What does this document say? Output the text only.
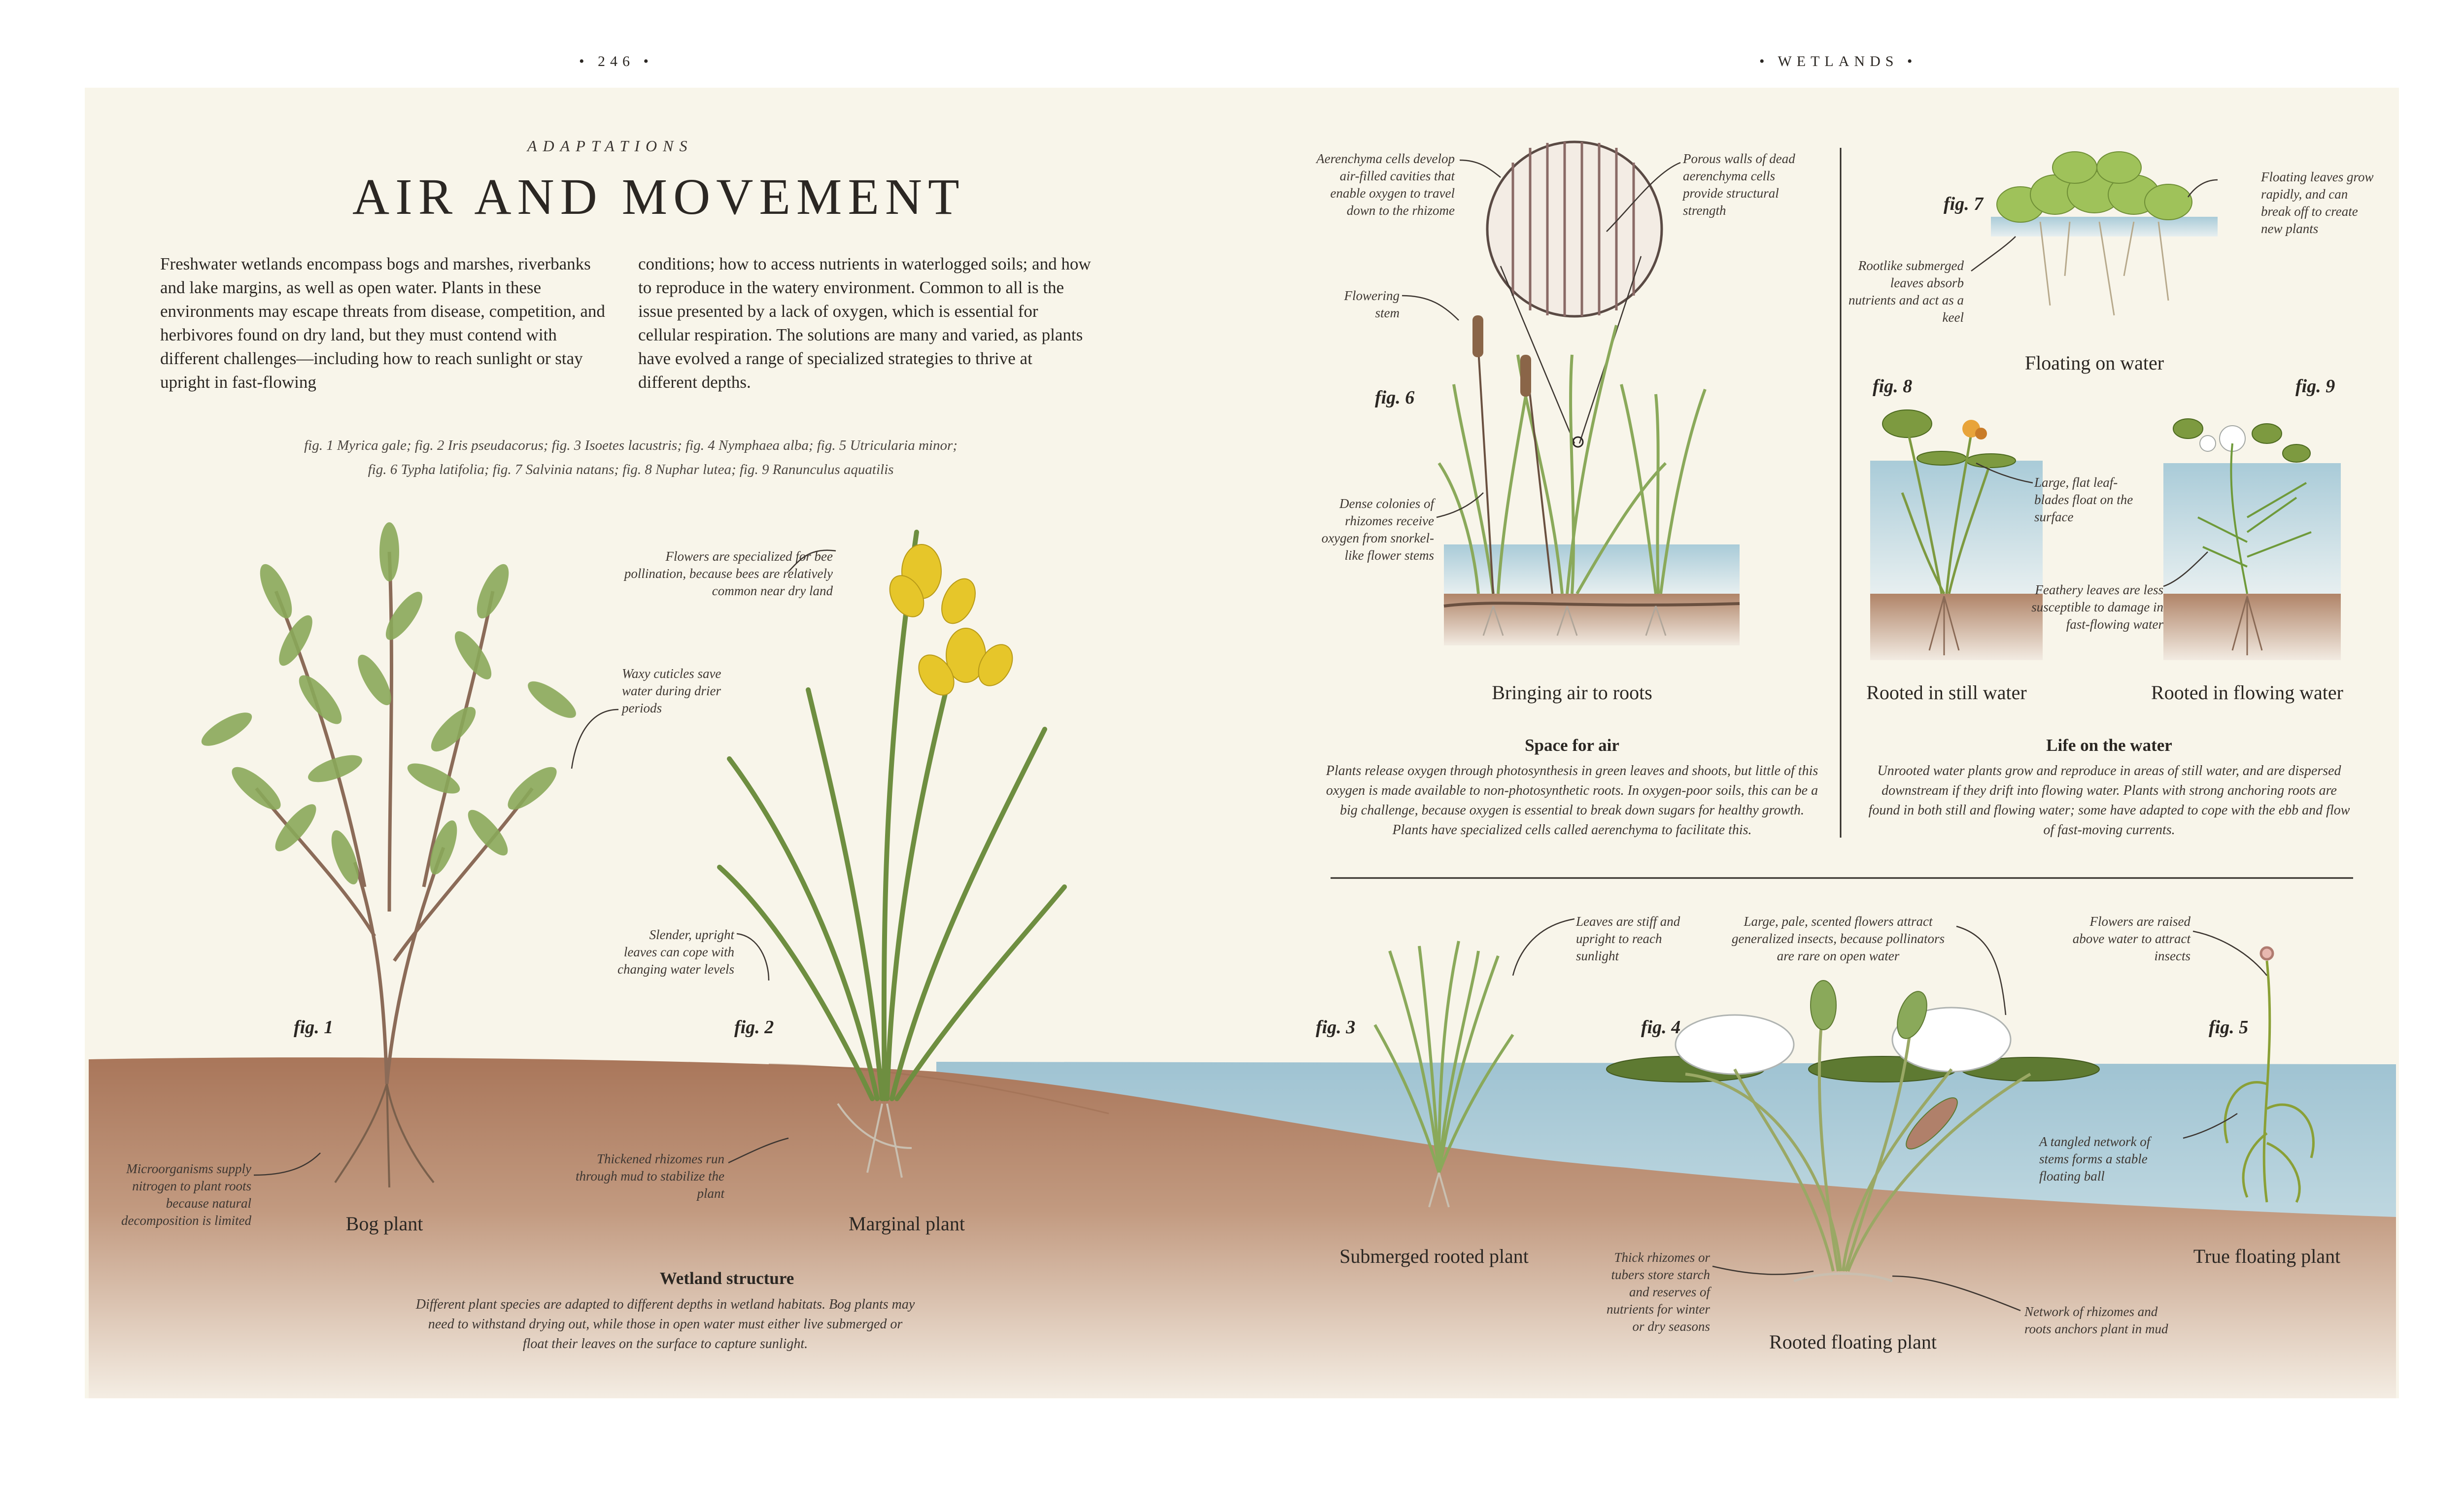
• 246 •	• WETLANDS •
ADAPTATIONS
AIR AND MOVEMENT
Freshwater wetlands encompass bogs and marshes, riverbanks and lake margins, as well as open water. Plants in these environments may escape threats from disease, competition, and herbivores found on dry land, but they must contend with different challenges—including how to reach sunlight or stay upright in fast-flowing
conditions; how to access nutrients in waterlogged soils; and how to reproduce in the watery environment. Common to all is the issue presented by a lack of oxygen, which is essential for cellular respiration. The solutions are many and varied, as plants have evolved a range of specialized strategies to thrive at different depths.
fig. 1 Myrica gale; fig. 2 Iris pseudacorus; fig. 3 Isoetes lacustris; fig. 4 Nymphaea alba; fig. 5 Utricularia minor;
fig. 6 Typha latifolia; fig. 7 Salvinia natans; fig. 8 Nuphar lutea; fig. 9 Ranunculus aquatilis
fig. 1	fig. 2	fig. 3	fig. 4	fig. 5
Flowers are specialized for bee pollination, because bees are relatively common near dry land
Waxy cuticles save water during drier periods
Slender, upright leaves can cope with changing water levels
Microorganisms supply nitrogen to plant roots because natural decomposition is limited
Thickened rhizomes run through mud to stabilize the plant
Leaves are stiff and upright to reach sunlight
Large, pale, scented flowers attract generalized insects, because pollinators are rare on open water
Flowers are raised above water to attract insects
A tangled network of stems forms a stable floating ball
Thick rhizomes or tubers store starch and reserves of nutrients for winter or dry seasons
Network of rhizomes and roots anchors plant in mud
Bog plant	Marginal plant
Submerged rooted plant
Rooted floating plant
True floating plant
Wetland structure
Different plant species are adapted to different depths in wetland habitats. Bog plants may need to withstand drying out, while those in open water must either live submerged or float their leaves on the surface to capture sunlight.
fig. 6
Aerenchyma cells develop air-filled cavities that enable oxygen to travel down to the rhizome
Porous walls of dead aerenchyma cells provide structural strength
Flowering stem
Dense colonies of rhizomes receive oxygen from snorkel-like flower stems
Bringing air to roots
Space for air
Plants release oxygen through photosynthesis in green leaves and shoots, but little of this oxygen is made available to non-photosynthetic roots. In oxygen-poor soils, this can be a big challenge, because oxygen is essential to break down sugars for healthy growth. Plants have specialized cells called aerenchyma to facilitate this.
fig. 7
fig. 8	fig. 9
Floating leaves grow rapidly, and can break off to create new plants
Rootlike submerged leaves absorb nutrients and act as a keel
Large, flat leaf-blades float on the surface
Feathery leaves are less susceptible to damage in fast-flowing water
Floating on water
Rooted in still water	Rooted in flowing water
Life on the water
Unrooted water plants grow and reproduce in areas of still water, and are dispersed downstream if they drift into flowing water. Plants with strong anchoring roots are found in both still and flowing water; some have adapted to cope with the ebb and flow of fast-moving currents.
